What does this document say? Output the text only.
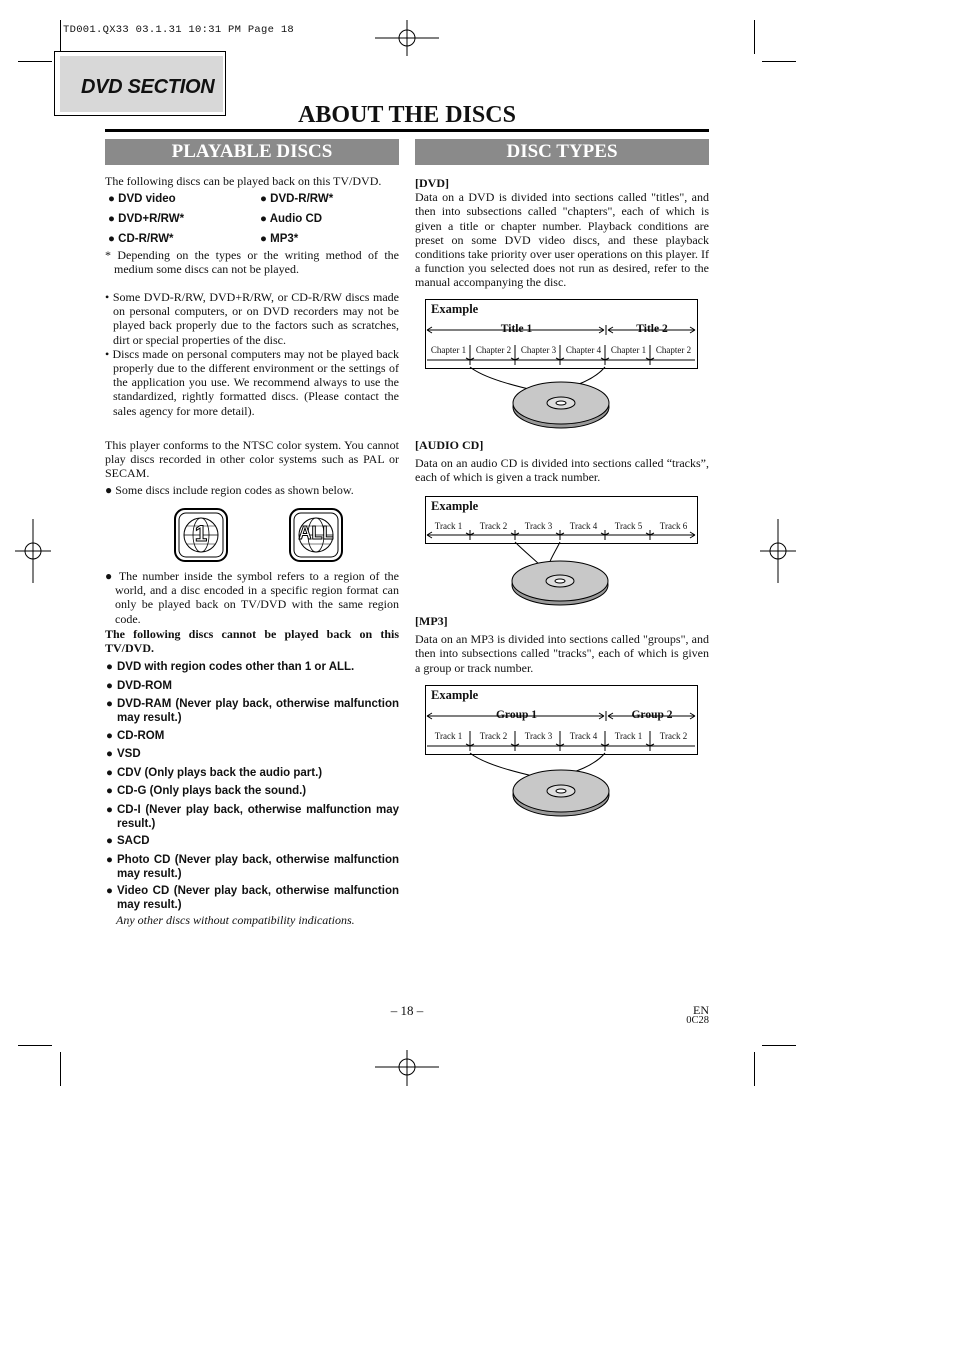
TD001.QX33 03.1.31 10:31 PM Page 18
DVD SECTION
ABOUT THE DISCS
PLAYABLE DISCS

The following discs can be played back on this TV/DVD.

● DVD video	● DVD-R/RW*
● DVD+R/RW*	● Audio CD
● CD-R/RW*	● MP3*

* Depending on the types or the writing method of the medium some discs can not be played.

• Some DVD-R/RW, DVD+R/RW, or CD-R/RW discs made on personal computers, or on DVD recorders may not be played back properly due to the factors such as scratches, dirt or special properties of the disc.

• Discs made on personal computers may not be played back properly due to the different environment or the settings of the application you use. We recommend always to use the standardized, rightly formatted discs. (Please contact the sales agency for more detail).

This player conforms to the NTSC color system. You cannot play discs recorded in other color systems such as PAL or SECAM.

● Some discs include region codes as shown below.

1	ALL

● The number inside the symbol refers to a region of the world, and a disc encoded in a specific region format can only be played back on TV/DVD with the same region code.

The following discs cannot be played back on this TV/DVD.

● DVD with region codes other than 1 or ALL.
● DVD-ROM
● DVD-RAM (Never play back, otherwise malfunction may result.)
● CD-ROM
● VSD
● CDV (Only plays back the audio part.)
● CD-G (Only plays back the sound.)
● CD-I (Never play back, otherwise malfunction may result.)
● SACD
● Photo CD (Never play back, otherwise malfunction may result.)
● Video CD (Never play back, otherwise malfunction may result.)
Any other discs without compatibility indications.
DISC TYPES

[DVD]

Data on a DVD is divided into sections called "titles", and then into subsections called "chapters", each of which is given a title or chapter number. Playback conditions are preset on some DVD video discs, and these playback conditions take priority over user operations on this player. If a function you selected does not run as desired, refer to the manual accompanying the disc.

Example
Title 1	Title 2
Chapter 1	Chapter 2	Chapter 3	Chapter 4	Chapter 1	Chapter 2

[AUDIO CD]

Data on an audio CD is divided into sections called “tracks”, each of which is given a track number.

Example
Track 1	Track 2	Track 3	Track 4	Track 5	Track 6

[MP3]

Data on an MP3 is divided into sections called "groups", and then into subsections called "tracks", each of which is given a group or track number.

Example
Group 1	Group 2
Track 1	Track 2	Track 3	Track 4	Track 1	Track 2
– 18 –	EN
0C28
